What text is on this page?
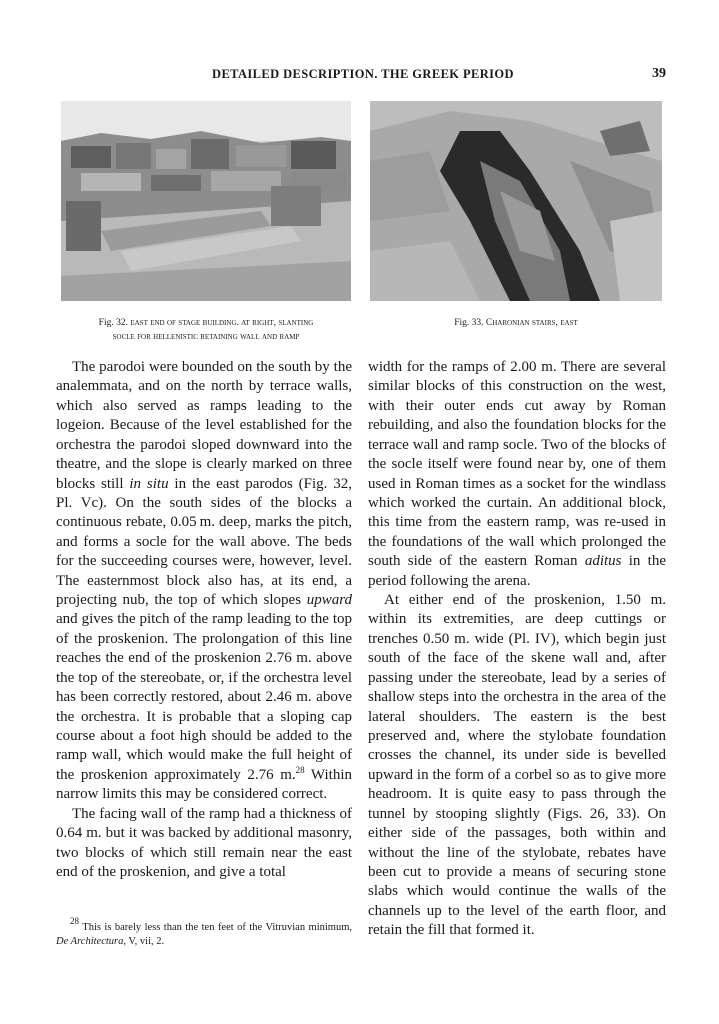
DETAILED DESCRIPTION. THE GREEK PERIOD	39
Fig. 32. east end of stage building. at right, slanting
socle for hellenistic retaining wall and ramp
Fig. 33. Charonian stairs, east

The parodoi were bounded on the south by the analemmata, and on the north by terrace walls, which also served as ramps leading to the logeion. Because of the level established for the orchestra the parodoi sloped downward into the theatre, and the slope is clearly marked on three blocks still in situ in the east parodos (Fig. 32, Pl. Vc). On the south sides of the blocks a continuous rebate, 0.05 m. deep, marks the pitch, and forms a socle for the wall above. The beds for the succeeding courses were, however, level. The easternmost block also has, at its end, a projecting nub, the top of which slopes upward and gives the pitch of the ramp leading to the top of the proskenion. The prolongation of this line reaches the end of the proskenion 2.76 m. above the top of the stereobate, or, if the orchestra level has been correctly restored, about 2.46 m. above the orchestra. It is probable that a sloping cap course about a foot high should be added to the ramp wall, which would make the full height of the proskenion approximately 2.76 m.$^{28}$ Within narrow limits this may be considered correct.

The facing wall of the ramp had a thickness of 0.64 m. but it was backed by additional masonry, two blocks of which still remain near the east end of the proskenion, and give a total

width for the ramps of 2.00 m. There are several similar blocks of this construction on the west, with their outer ends cut away by Roman rebuilding, and also the foundation blocks for the terrace wall and ramp socle. Two of the blocks of the socle itself were found near by, one of them used in Roman times as a socket for the windlass which worked the curtain. An additional block, this time from the eastern ramp, was re-used in the foundations of the wall which prolonged the south side of the eastern Roman aditus in the period following the arena.

At either end of the proskenion, 1.50 m. within its extremities, are deep cuttings or trenches 0.50 m. wide (Pl. IV), which begin just south of the face of the skene wall and, after passing under the stereobate, lead by a series of shallow steps into the orchestra in the area of the lateral shoulders. The eastern is the best preserved and, where the stylobate foundation crosses the channel, its under side is bevelled upward in the form of a corbel so as to give more headroom. It is quite easy to pass through the tunnel by stooping slightly (Figs. 26, 33). On either side of the passages, both within and without the line of the stylobate, rebates have been cut to provide a means of securing stone slabs which would continue the walls of the channels up to the level of the earth floor, and retain the fill that formed it.

$^{28}$ This is barely less than the ten feet of the Vitruvian minimum, De Architectura, V, vii, 2.
